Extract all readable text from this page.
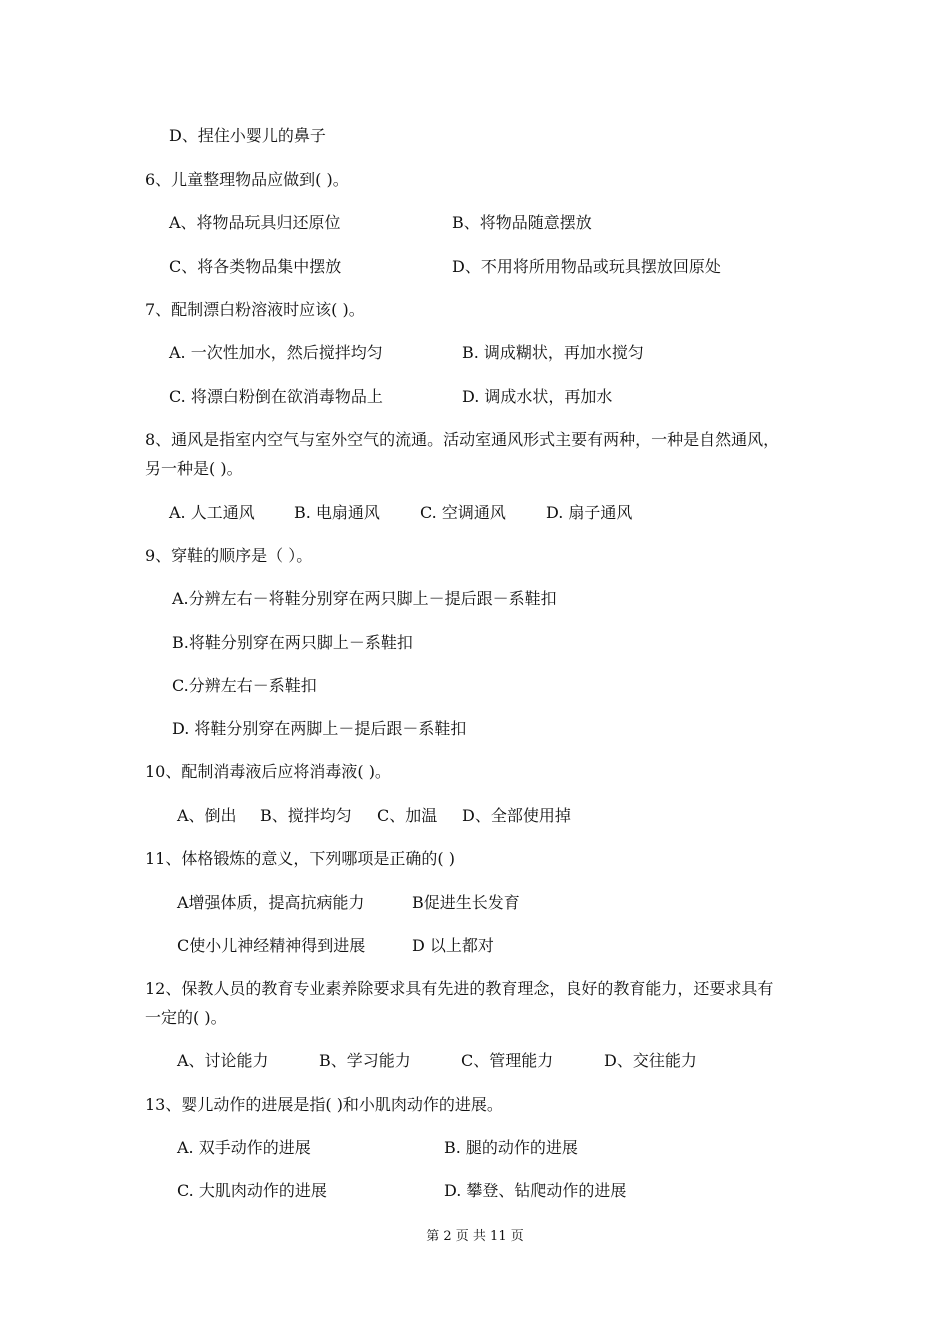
D、捏住小婴儿的鼻子
6、儿童整理物品应做到( )。
A、将物品玩具归还原位	B、将物品随意摆放
C、将各类物品集中摆放	D、不用将所用物品或玩具摆放回原处
7、配制漂白粉溶液时应该( )。
A. 一次性加水，然后搅拌均匀	B. 调成糊状，再加水搅匀
C. 将漂白粉倒在欲消毒物品上	D. 调成水状，再加水
8、通风是指室内空气与室外空气的流通。活动室通风形式主要有两种，一种是自然通风，
另一种是( )。
A. 人工通风 B. 电扇通风	C. 空调通风	D. 扇子通风
9、穿鞋的顺序是（ ）。
A.分辨左右－将鞋分别穿在两只脚上－提后跟－系鞋扣
B.将鞋分别穿在两只脚上－系鞋扣
C.分辨左右－系鞋扣
D. 将鞋分别穿在两脚上－提后跟－系鞋扣
10、配制消毒液后应将消毒液( )。
A、倒出 B、搅拌均匀 C、加温 D、全部使用掉
11、体格锻炼的意义，下列哪项是正确的( )
A增强体质，提高抗病能力	B促进生长发育
C使小儿神经精神得到进展	D 以上都对
12、保教人员的教育专业素养除要求具有先进的教育理念，良好的教育能力，还要求具有
一定的( )。
A、讨论能力	B、学习能力	C、管理能力	D、交往能力
13、婴儿动作的进展是指( )和小肌肉动作的进展。
A. 双手动作的进展	B. 腿的动作的进展
C. 大肌肉动作的进展	D. 攀登、钻爬动作的进展
第 2 页 共 11 页
